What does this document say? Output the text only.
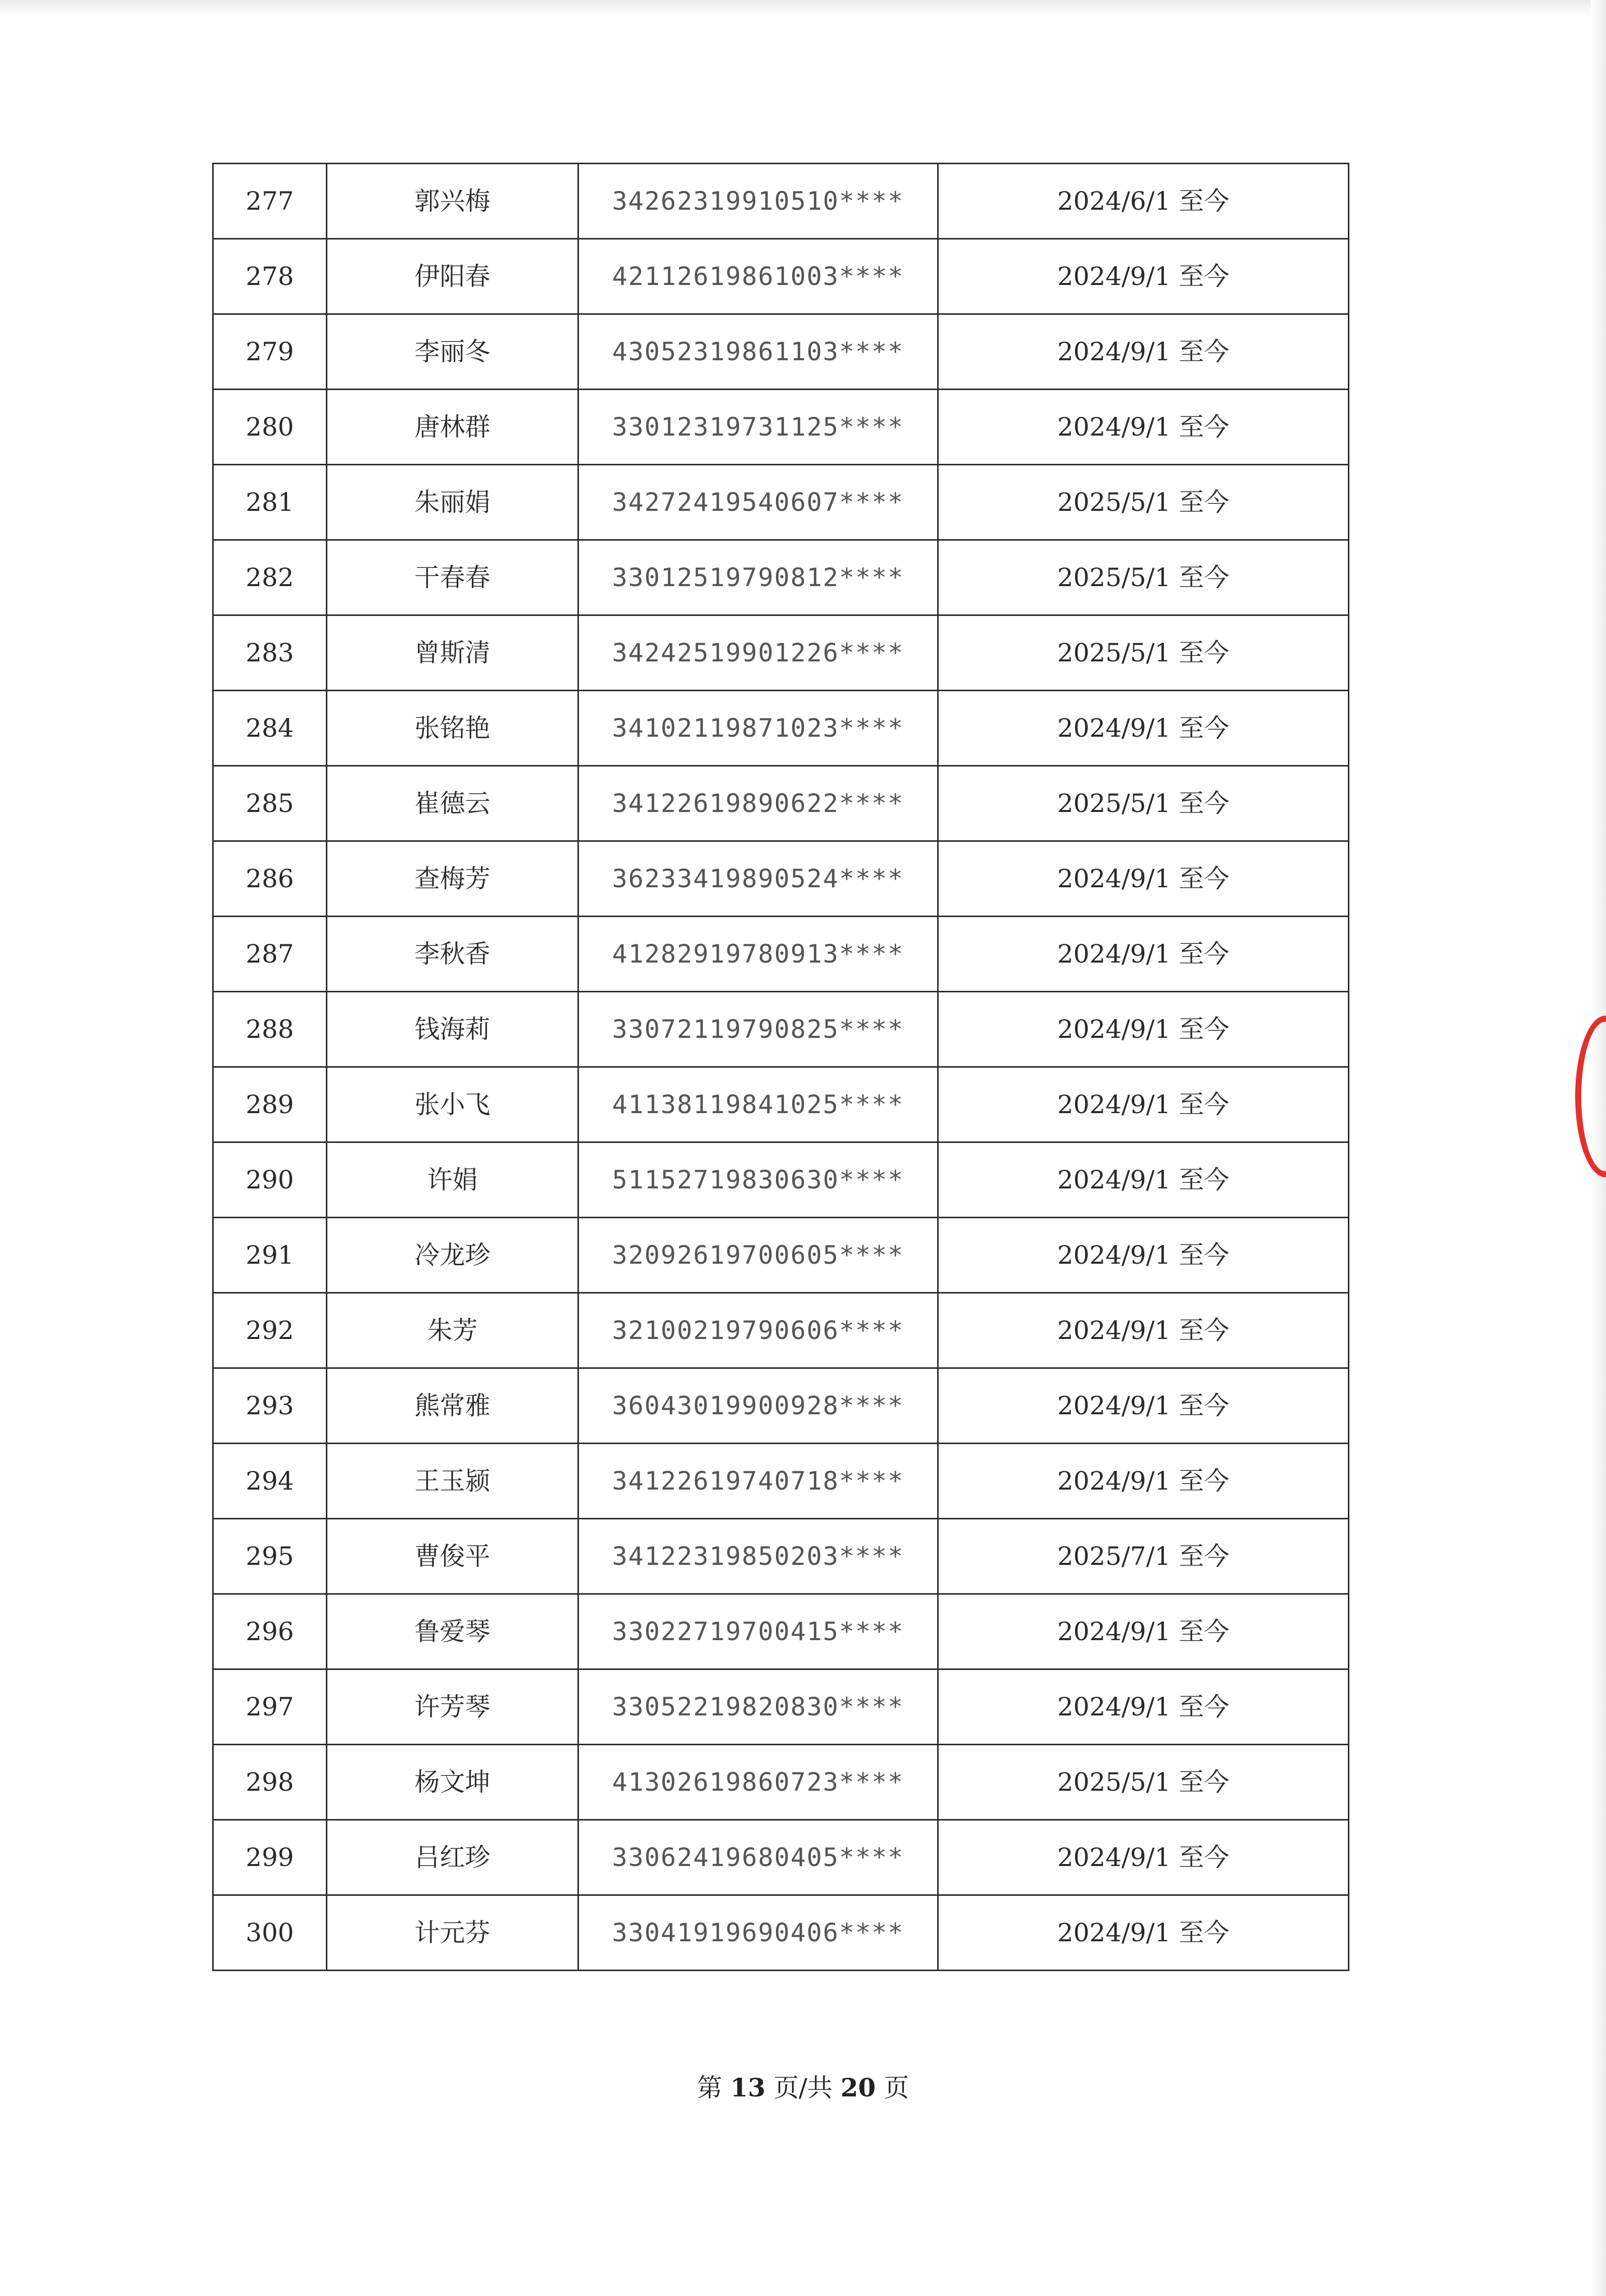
277	郭兴梅	34262319910510****	2024/6/1 至今
278	伊阳春	42112619861003****	2024/9/1 至今
279	李丽冬	43052319861103****	2024/9/1 至今
280	唐林群	33012319731125****	2024/9/1 至今
281	朱丽娟	34272419540607****	2025/5/1 至今
282	干春春	33012519790812****	2025/5/1 至今
283	曾斯清	34242519901226****	2025/5/1 至今
284	张铭艳	34102119871023****	2024/9/1 至今
285	崔德云	34122619890622****	2025/5/1 至今
286	查梅芳	36233419890524****	2024/9/1 至今
287	李秋香	41282919780913****	2024/9/1 至今
288	钱海莉	33072119790825****	2024/9/1 至今
289	张小飞	41138119841025****	2024/9/1 至今
290	许娟	51152719830630****	2024/9/1 至今
291	冷龙珍	32092619700605****	2024/9/1 至今
292	朱芳	32100219790606****	2024/9/1 至今
293	熊常雅	36043019900928****	2024/9/1 至今
294	王玉颍	34122619740718****	2024/9/1 至今
295	曹俊平	34122319850203****	2025/7/1 至今
296	鲁爱琴	33022719700415****	2024/9/1 至今
297	许芳琴	33052219820830****	2024/9/1 至今
298	杨文坤	41302619860723****	2025/5/1 至今
299	吕红珍	33062419680405****	2024/9/1 至今
300	计元芬	33041919690406****	2024/9/1 至今
第 13 页/共 20 页
